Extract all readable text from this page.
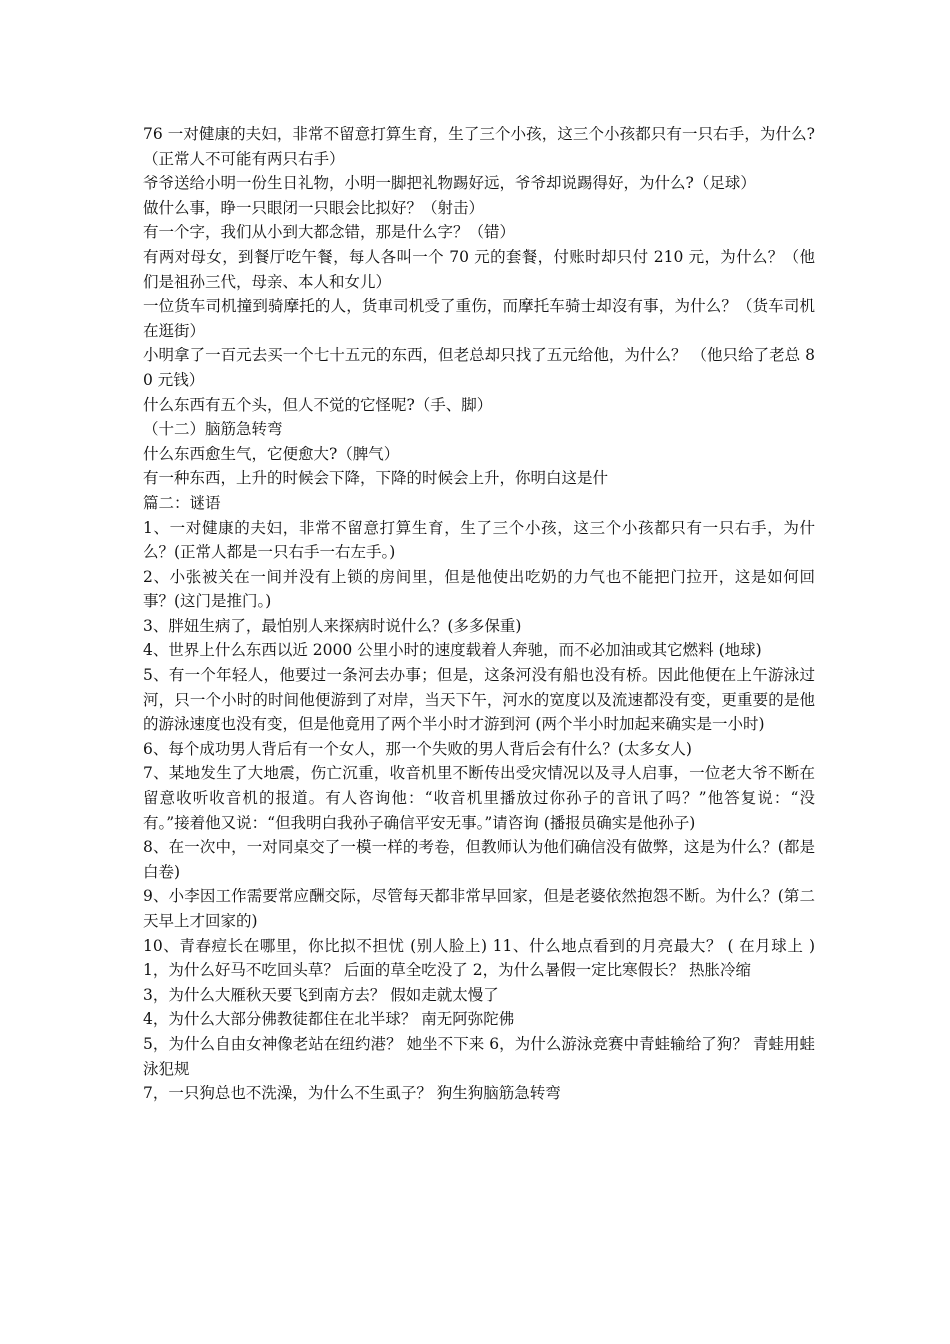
76 一对健康的夫妇，非常不留意打算生育，生了三个小孩，这三个小孩都只有一只右手，为什么?（正常人不可能有两只右手）

爷爷送给小明一份生日礼物，小明一脚把礼物踢好远，爷爷却说踢得好，为什么?（足球）

做什么事，睁一只眼闭一只眼会比拟好？（射击）

有一个字，我们从小到大都念错，那是什么字？（错）

有两对母女，到餐厅吃午餐，每人各叫一个 70 元的套餐，付账时却只付 210 元，为什么？（他们是祖孙三代，母亲、本人和女儿）

一位货车司机撞到骑摩托的人，货車司机受了重伤，而摩托车骑士却沒有事，为什么？（货车司机在逛街）

小明拿了一百元去买一个七十五元的东西，但老总却只找了五元给他，为什么？ （他只给了老总 80 元钱）

什么东西有五个头，但人不觉的它怪呢?（手、脚）

（十二）脑筋急转弯

什么东西愈生气，它便愈大?（脾气）

有一种东西，上升的时候会下降，下降的时候会上升，你明白这是什

篇二：谜语

1、一对健康的夫妇，非常不留意打算生育，生了三个小孩，这三个小孩都只有一只右手，为什么？(正常人都是一只右手一右左手。)

2、小张被关在一间并没有上锁的房间里，但是他使出吃奶的力气也不能把门拉开，这是如何回事？(这门是推门。)

3、胖妞生病了，最怕别人来探病时说什么？(多多保重)

4、世界上什么东西以近 2000 公里小时的速度载着人奔驰，而不必加油或其它燃料 (地球)

5、有一个年轻人，他要过一条河去办事；但是，这条河没有船也没有桥。因此他便在上午游泳过河，只一个小时的时间他便游到了对岸，当天下午，河水的宽度以及流速都没有变，更重要的是他的游泳速度也没有变，但是他竟用了两个半小时才游到河 (两个半小时加起来确实是一小时)

6、每个成功男人背后有一个女人，那一个失败的男人背后会有什么？(太多女人)

7、某地发生了大地震，伤亡沉重，收音机里不断传出受灾情况以及寻人启事，一位老大爷不断在留意收听收音机的报道。有人咨询他：“收音机里播放过你孙子的音讯了吗？”他答复说：“没有。”接着他又说：“但我明白我孙子确信平安无事。”请咨询 (播报员确实是他孙子)

8、在一次中，一对同桌交了一模一样的考卷，但教师认为他们确信没有做弊，这是为什么？(都是白卷)

9、小李因工作需要常应酬交际，尽管每天都非常早回家，但是老婆依然抱怨不断。为什么？(第二天早上才回家的)

10、青春痘长在哪里，你比拟不担忧 (别人脸上) 11、什么地点看到的月亮最大？ ( 在月球上 ) 1，为什么好马不吃回头草？ 后面的草全吃没了 2，为什么暑假一定比寒假长？ 热胀冷缩

3，为什么大雁秋天要飞到南方去？ 假如走就太慢了

4，为什么大部分佛教徒都住在北半球？ 南无阿弥陀佛

5，为什么自由女神像老站在纽约港？ 她坐不下来 6，为什么游泳竞赛中青蛙输给了狗？ 青蛙用蛙泳犯规

7，一只狗总也不洗澡，为什么不生虱子？ 狗生狗脑筋急转弯
